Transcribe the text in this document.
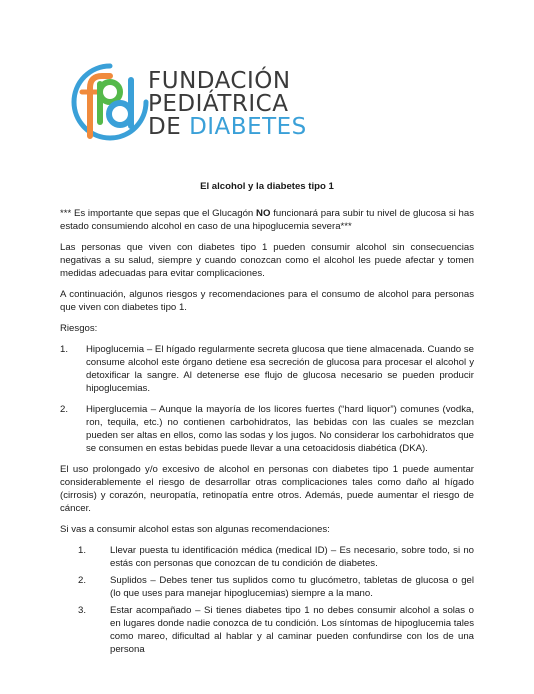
FUNDACIÓN
PEDIÁTRICA
DE DIABETES
El alcohol y la diabetes tipo 1

*** Es importante que sepas que el Glucagón NO funcionará para subir tu nivel de glucosa si has estado consumiendo alcohol en caso de una hipoglucemia severa***

Las personas que viven con diabetes tipo 1 pueden consumir alcohol sin consecuencias negativas a su salud, siempre y cuando conozcan como el alcohol les puede afectar y tomen medidas adecuadas para evitar complicaciones.

A continuación, algunos riesgos y recomendaciones para el consumo de alcohol para personas que viven con diabetes tipo 1.

Riesgos:

1.	Hipoglucemia – El hígado regularmente secreta glucosa que tiene almacenada. Cuando se consume alcohol este órgano detiene esa secreción de glucosa para procesar el alcohol y detoxificar la sangre. Al detenerse ese flujo de glucosa necesario se pueden producir hipoglucemias.
2.	Hiperglucemia – Aunque la mayoría de los licores fuertes (“hard liquor”) comunes (vodka, ron, tequila, etc.) no contienen carbohidratos, las bebidas con las cuales se mezclan pueden ser altas en ellos, como las sodas y los jugos. No considerar los carbohidratos que se consumen en estas bebidas puede llevar a una cetoacidosis diabética (DKA).

El uso prolongado y/o excesivo de alcohol en personas con diabetes tipo 1 puede aumentar considerablemente el riesgo de desarrollar otras complicaciones tales como daño al hígado (cirrosis) y corazón, neuropatía, retinopatía entre otros. Además, puede aumentar el riesgo de cáncer.

Si vas a consumir alcohol estas son algunas recomendaciones:

1.	Llevar puesta tu identificación médica (medical ID) – Es necesario, sobre todo, si no estás con personas que conozcan de tu condición de diabetes.
2.	Suplidos – Debes tener tus suplidos como tu glucómetro, tabletas de glucosa o gel (lo que uses para manejar hipoglucemias) siempre a la mano.
3.	Estar acompañado – Si tienes diabetes tipo 1 no debes consumir alcohol a solas o en lugares donde nadie conozca de tu condición. Los síntomas de hipoglucemia tales como mareo, dificultad al hablar y al caminar pueden confundirse con los de una persona
